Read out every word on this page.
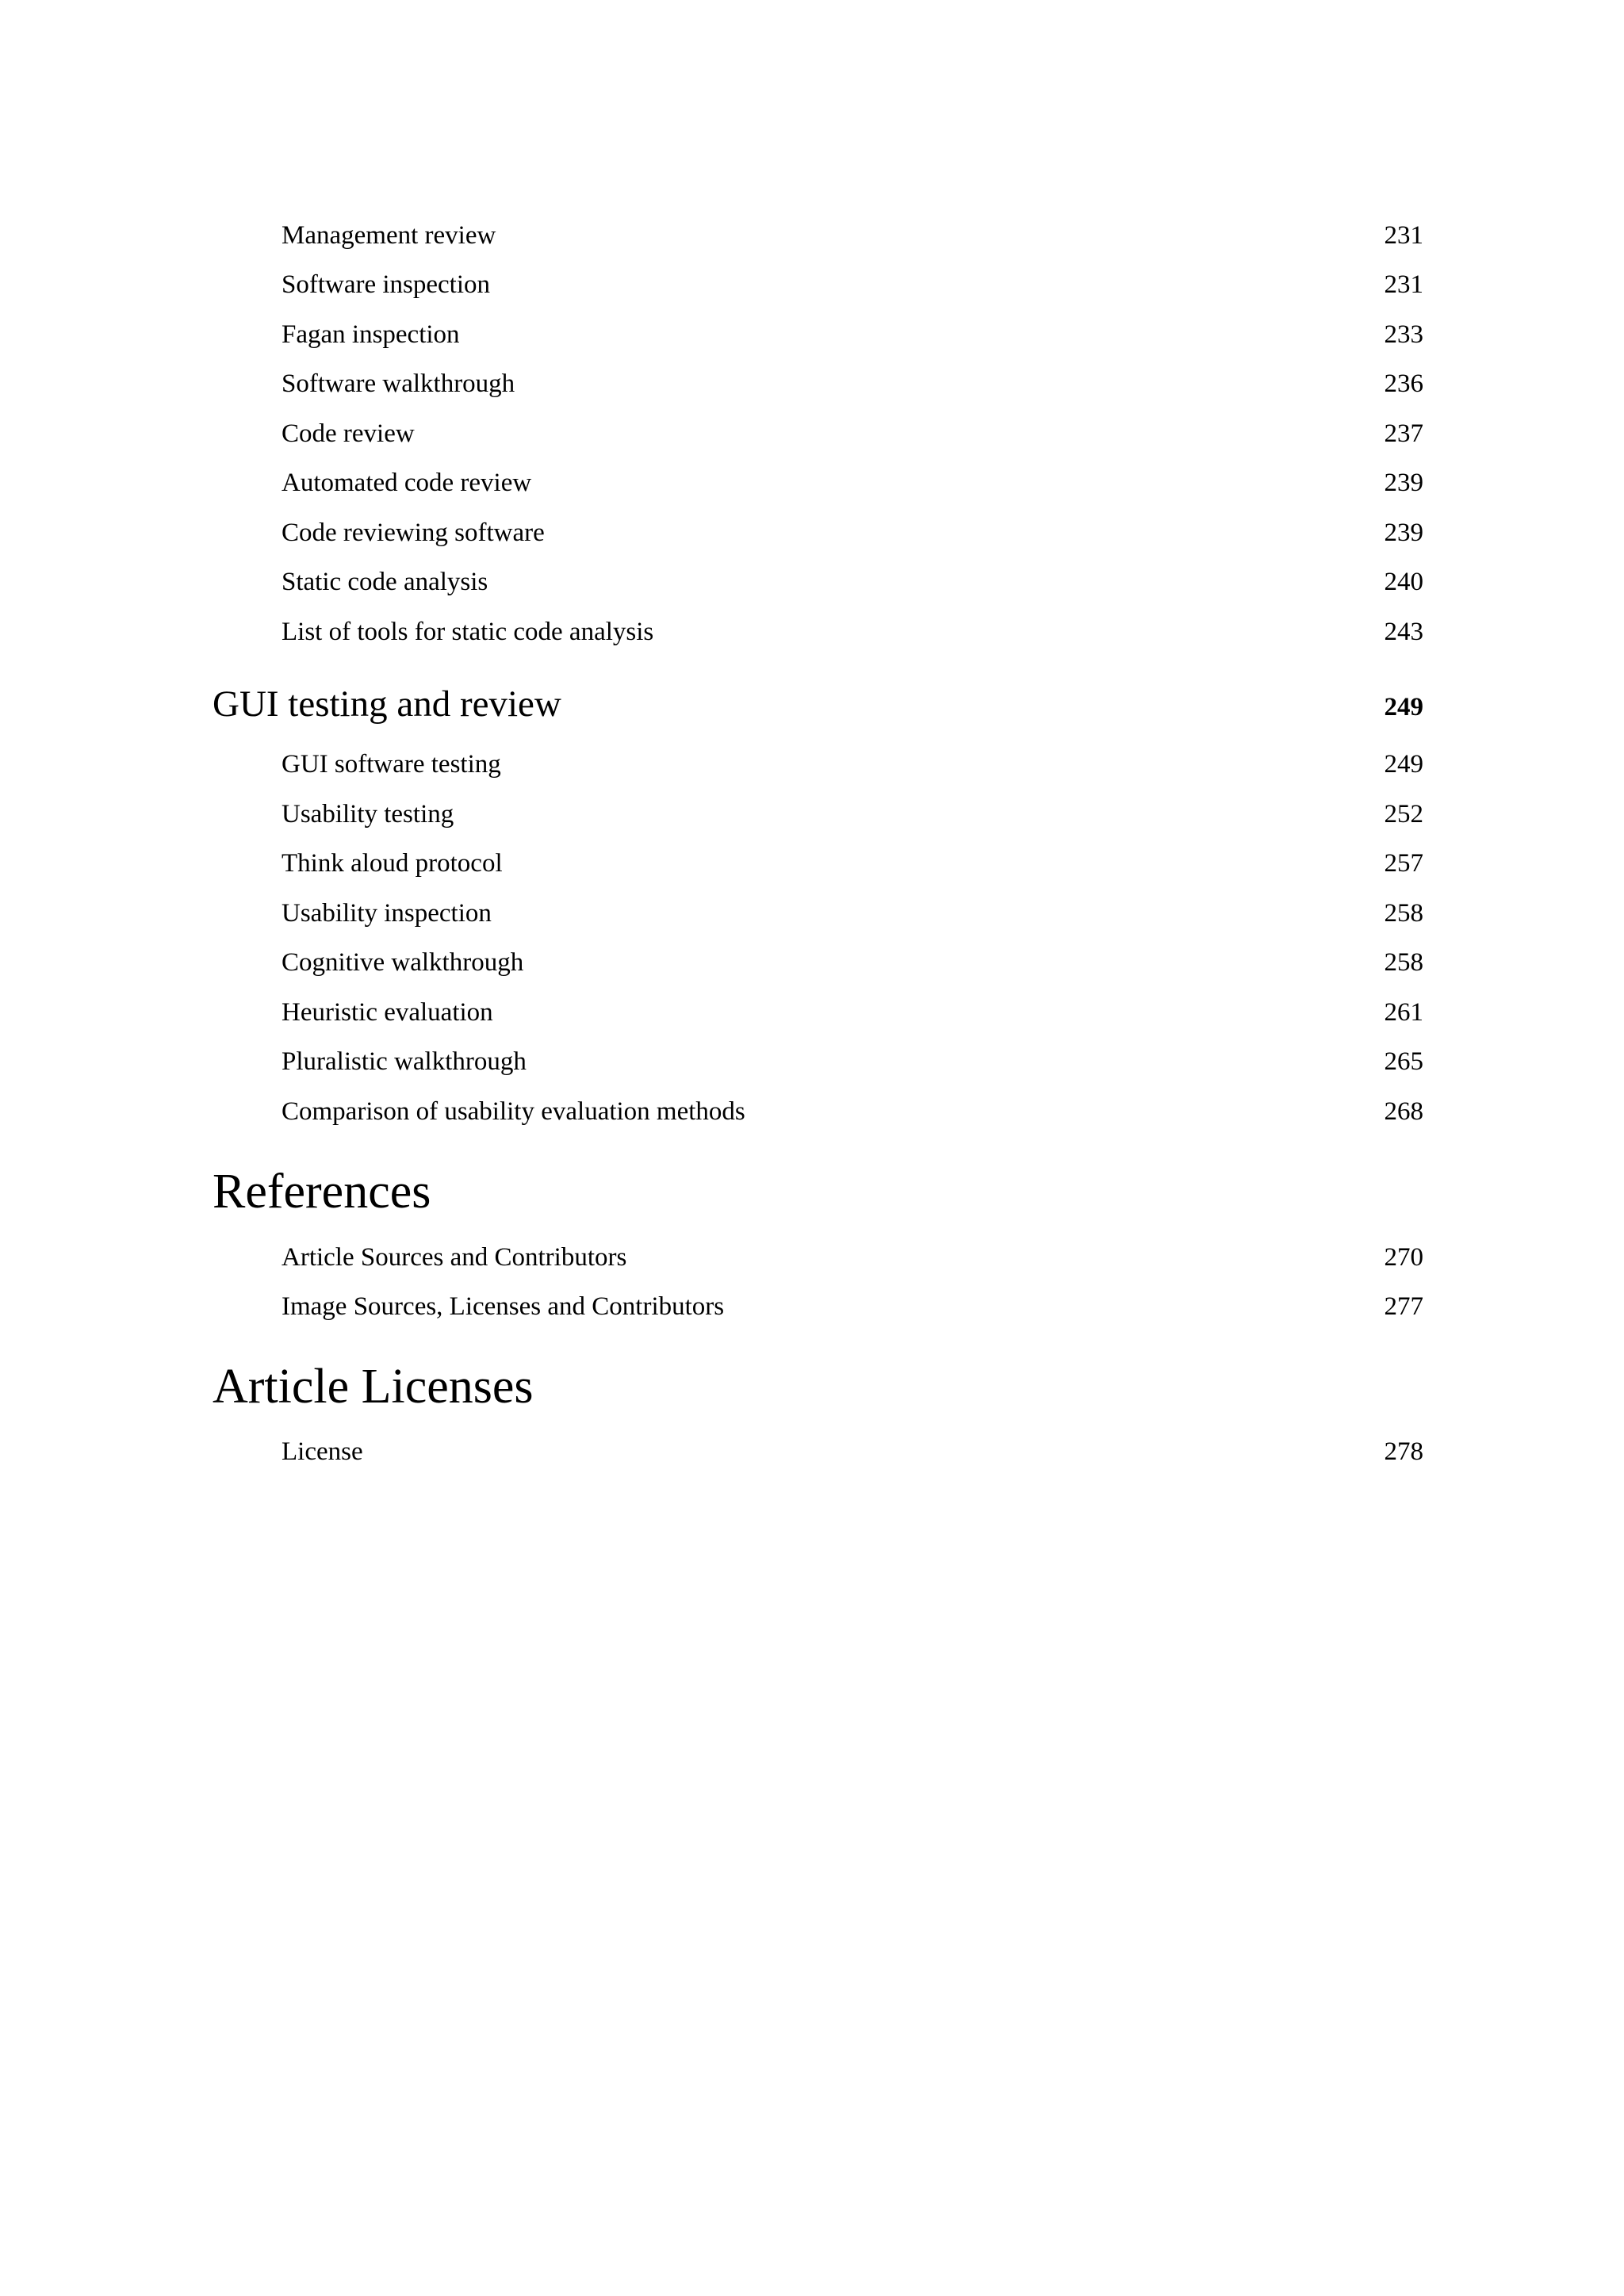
Management review	231
Software inspection	231
Fagan inspection	233
Software walkthrough	236
Code review	237
Automated code review	239
Code reviewing software	239
Static code analysis	240
List of tools for static code analysis	243
GUI testing and review	249
GUI software testing	249
Usability testing	252
Think aloud protocol	257
Usability inspection	258
Cognitive walkthrough	258
Heuristic evaluation	261
Pluralistic walkthrough	265
Comparison of usability evaluation methods	268
References
Article Sources and Contributors	270
Image Sources, Licenses and Contributors	277
Article Licenses
License	278
